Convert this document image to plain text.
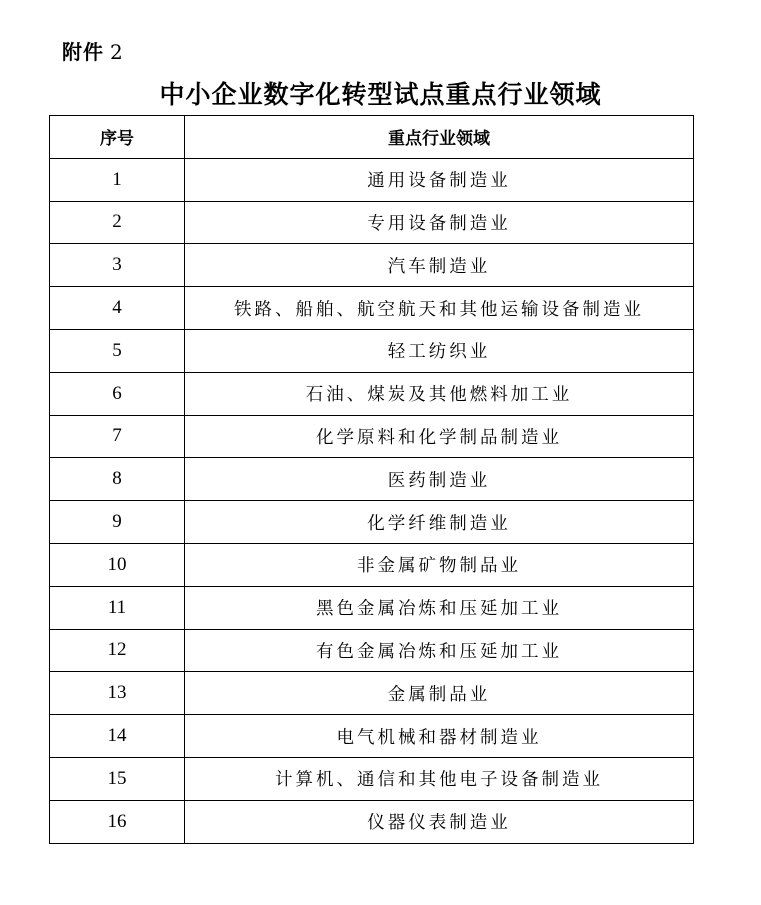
附件 2
中小企业数字化转型试点重点行业领域
序号	重点行业领域
1	通用设备制造业
2	专用设备制造业
3	汽车制造业
4	铁路、船舶、航空航天和其他运输设备制造业
5	轻工纺织业
6	石油、煤炭及其他燃料加工业
7	化学原料和化学制品制造业
8	医药制造业
9	化学纤维制造业
10	非金属矿物制品业
11	黑色金属冶炼和压延加工业
12	有色金属冶炼和压延加工业
13	金属制品业
14	电气机械和器材制造业
15	计算机、通信和其他电子设备制造业
16	仪器仪表制造业
